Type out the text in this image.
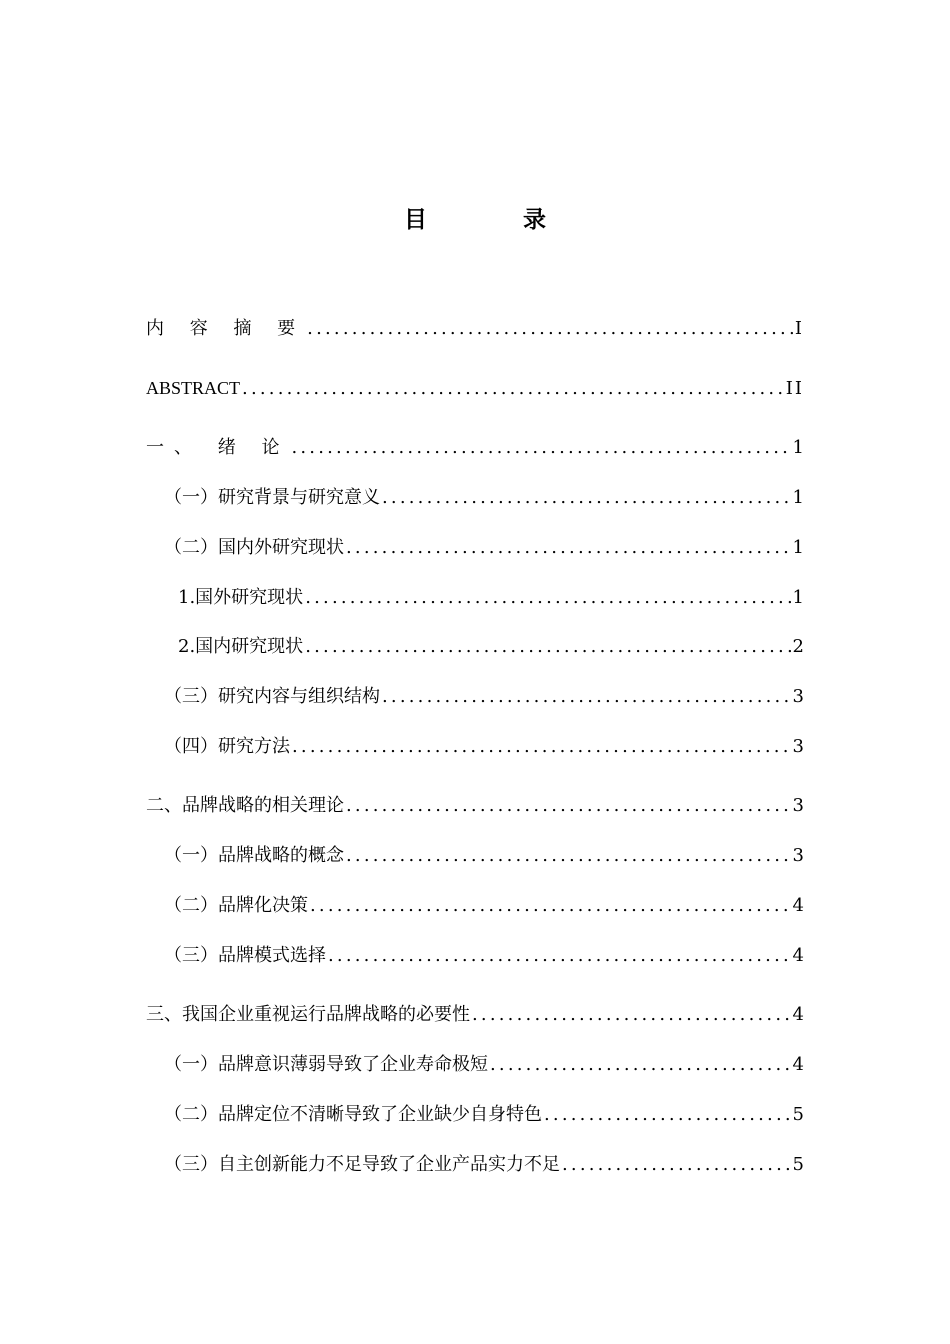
目 录
内 容 摘 要 .....	I
ABSTRACT .....	II
一、 绪 论 .....	1
（一）研究背景与研究意义 .....	1
（二）国内外研究现状 .....	1
1.国外研究现状 .....	1
2.国内研究现状 .....	2
（三）研究内容与组织结构 .....	3
（四）研究方法 .....	3
二、品牌战略的相关理论 .....	3
（一）品牌战略的概念 .....	3
（二）品牌化决策 .....	4
（三）品牌模式选择 .....	4
三、我国企业重视运行品牌战略的必要性 .....	4
（一）品牌意识薄弱导致了企业寿命极短 .....	4
（二）品牌定位不清晰导致了企业缺少自身特色 .....	5
（三）自主创新能力不足导致了企业产品实力不足 .....	5
